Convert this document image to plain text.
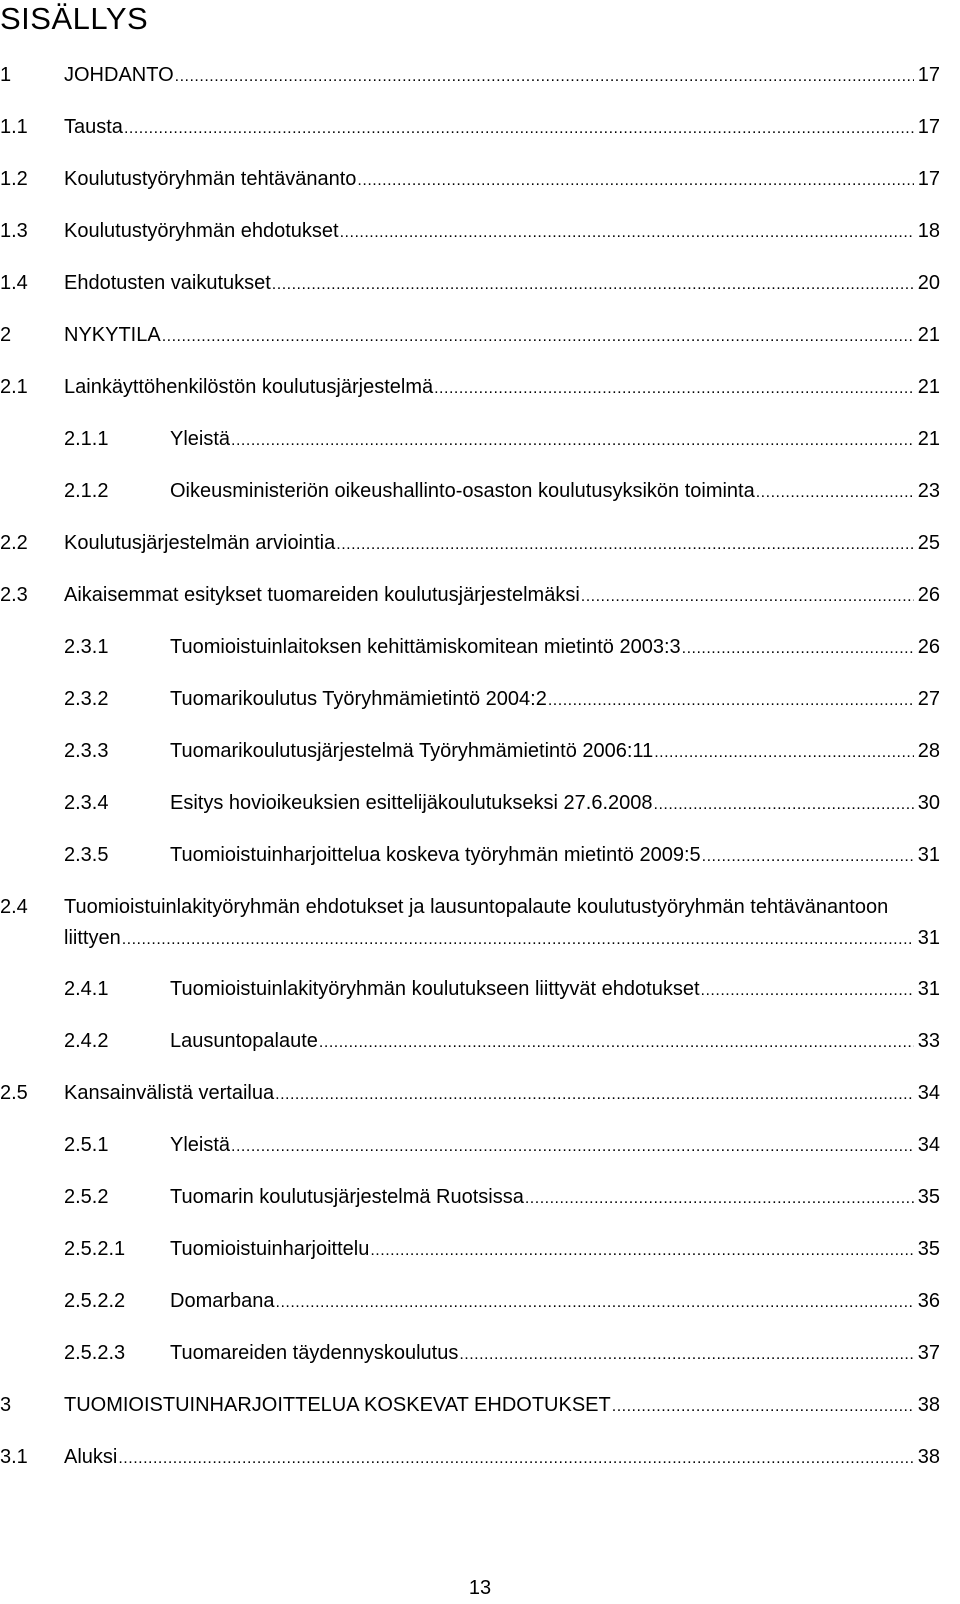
SISÄLLYS
1	JOHDANTO .....	17
1.1 Tausta .....	17
1.2 Koulutustyöryhmän tehtävänanto .....	17
1.3 Koulutustyöryhmän ehdotukset .....	18
1.4 Ehdotusten vaikutukset .....	20
2	NYKYTILA .....	21
2.1 Lainkäyttöhenkilöstön koulutusjärjestelmä .....	21
2.1.1	Yleistä .....	21
2.1.2	Oikeusministeriön oikeushallinto-osaston koulutusyksikön toiminta .....	23
2.2 Koulutusjärjestelmän arviointia .....	25
2.3 Aikaisemmat esitykset tuomareiden koulutusjärjestelmäksi .....	26
2.3.1	Tuomioistuinlaitoksen kehittämiskomitean mietintö 2003:3 .....	26
2.3.2	Tuomarikoulutus Työryhmämietintö 2004:2 .....	27
2.3.3	Tuomarikoulutusjärjestelmä Työryhmämietintö 2006:11 .....	28
2.3.4	Esitys hovioikeuksien esittelijäkoulutukseksi 27.6.2008 .....	30
2.3.5	Tuomioistuinharjoittelua koskeva työryhmän mietintö 2009:5 .....	31
2.4 Tuomioistuinlakityöryhmän ehdotukset ja lausuntopalaute koulutustyöryhmän tehtävänantoon
liittyen .....	31
2.4.1	Tuomioistuinlakityöryhmän koulutukseen liittyvät ehdotukset .....	31
2.4.2	Lausuntopalaute .....	33
2.5 Kansainvälistä vertailua .....	34
2.5.1	Yleistä .....	34
2.5.2	Tuomarin koulutusjärjestelmä Ruotsissa .....	35
2.5.2.1 Tuomioistuinharjoittelu .....	35
2.5.2.2 Domarbana .....	36
2.5.2.3 Tuomareiden täydennyskoulutus .....	37
3	TUOMIOISTUINHARJOITTELUA KOSKEVAT EHDOTUKSET .....	38
3.1 Aluksi .....	38
13
